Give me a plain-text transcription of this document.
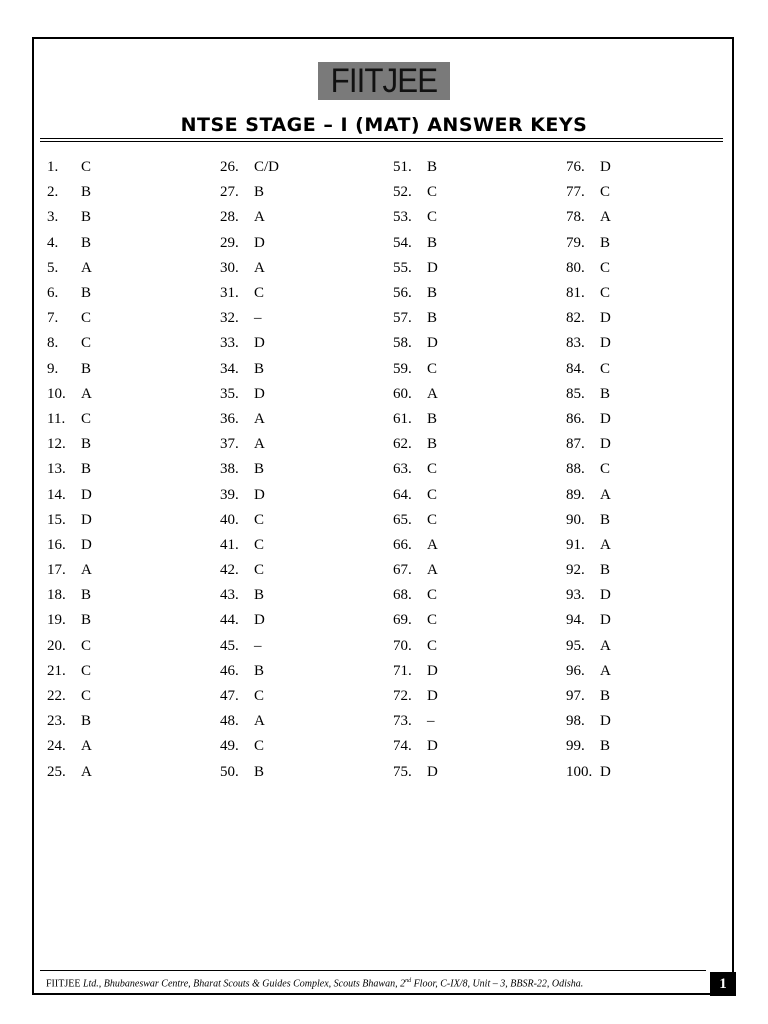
FIITJEE
NTSE STAGE – I (MAT) ANSWER KEYS
1.	C
2.	B
3.	B
4.	B
5.	A
6.	B
7.	C
8.	C
9.	B
10.	A
11.	C
12.	B
13.	B
14.	D
15.	D
16.	D
17.	A
18.	B
19.	B
20.	C
21.	C
22.	C
23.	B
24.	A
25.	A
26.	C/D
27.	B
28.	A
29.	D
30.	A
31.	C
32.	–
33.	D
34.	B
35.	D
36.	A
37.	A
38.	B
39.	D
40.	C
41.	C
42.	C
43.	B
44.	D
45.	–
46.	B
47.	C
48.	A
49.	C
50.	B
51.	B
52.	C
53.	C
54.	B
55.	D
56.	B
57.	B
58.	D
59.	C
60.	A
61.	B
62.	B
63.	C
64.	C
65.	C
66.	A
67.	A
68.	C
69.	C
70.	C
71.	D
72.	D
73.	–
74.	D
75.	D
76.	D
77.	C
78.	A
79.	B
80.	C
81.	C
82.	D
83.	D
84.	C
85.	B
86.	D
87.	D
88.	C
89.	A
90.	B
91.	A
92.	B
93.	D
94.	D
95.	A
96.	A
97.	B
98.	D
99.	B
100. D
FIITJEE Ltd., Bhubaneswar Centre, Bharat Scouts & Guides Complex, Scouts Bhawan, 2nd Floor, C-IX/8, Unit – 3, BBSR-22, Odisha.	1
